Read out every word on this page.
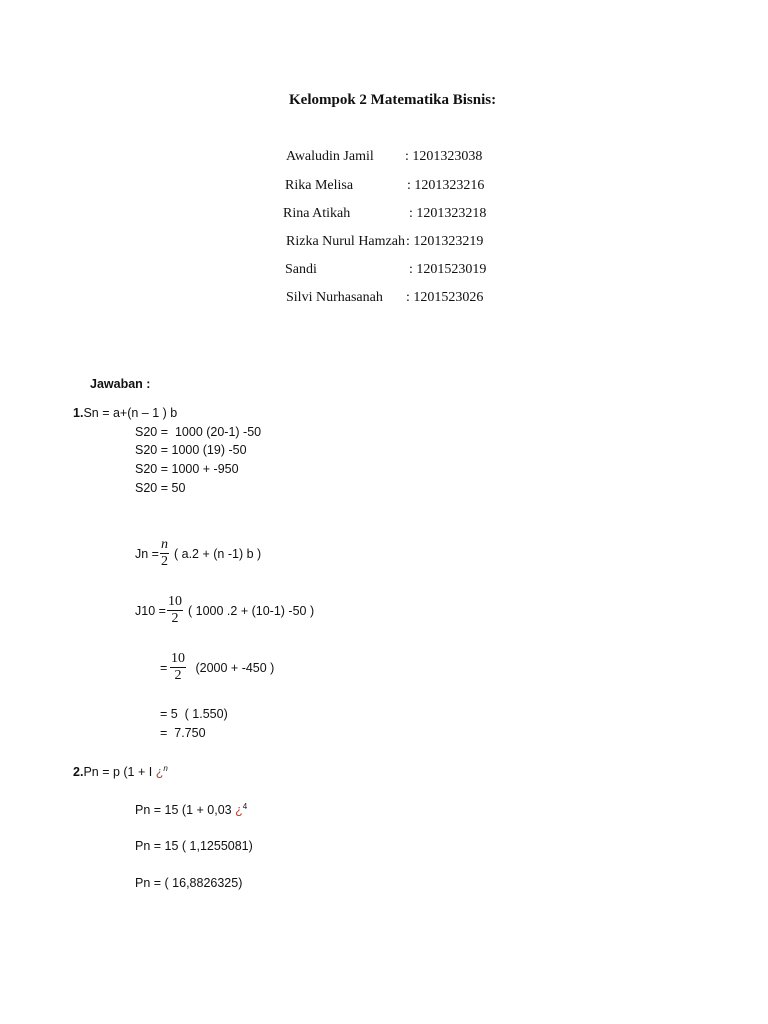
Kelompok 2 Matematika Bisnis:
Awaludin Jamil : 1201323038
Rika Melisa	: 1201323216
Rina Atikah	: 1201323218
Rizka Nurul Hamzah : 1201323219
Sandi	: 1201523019
Silvi Nurhasanah : 1201523026
Jawaban :
1.Sn = a+(n – 1 ) b
S20 =  1000 (20-1) -50
S20 = 1000 (19) -50
S20 = 1000 + -950
S20 = 50
$Jn = \frac{n}{2}$ ( a.2 + (n -1) b )
$J10 = \frac{10}{2}$ ( 1000 .2 + (10-1) -50 )
= $\frac{10}{2} (2000 + -450$ )
= 5  ( 1.550)
=  7.750
2.Pn = p (1 + I ¿$^n$
Pn = 15 (1 + 0,03 ¿$^4$
Pn = 15 ( 1,1255081)
Pn = ( 16,8826325)
